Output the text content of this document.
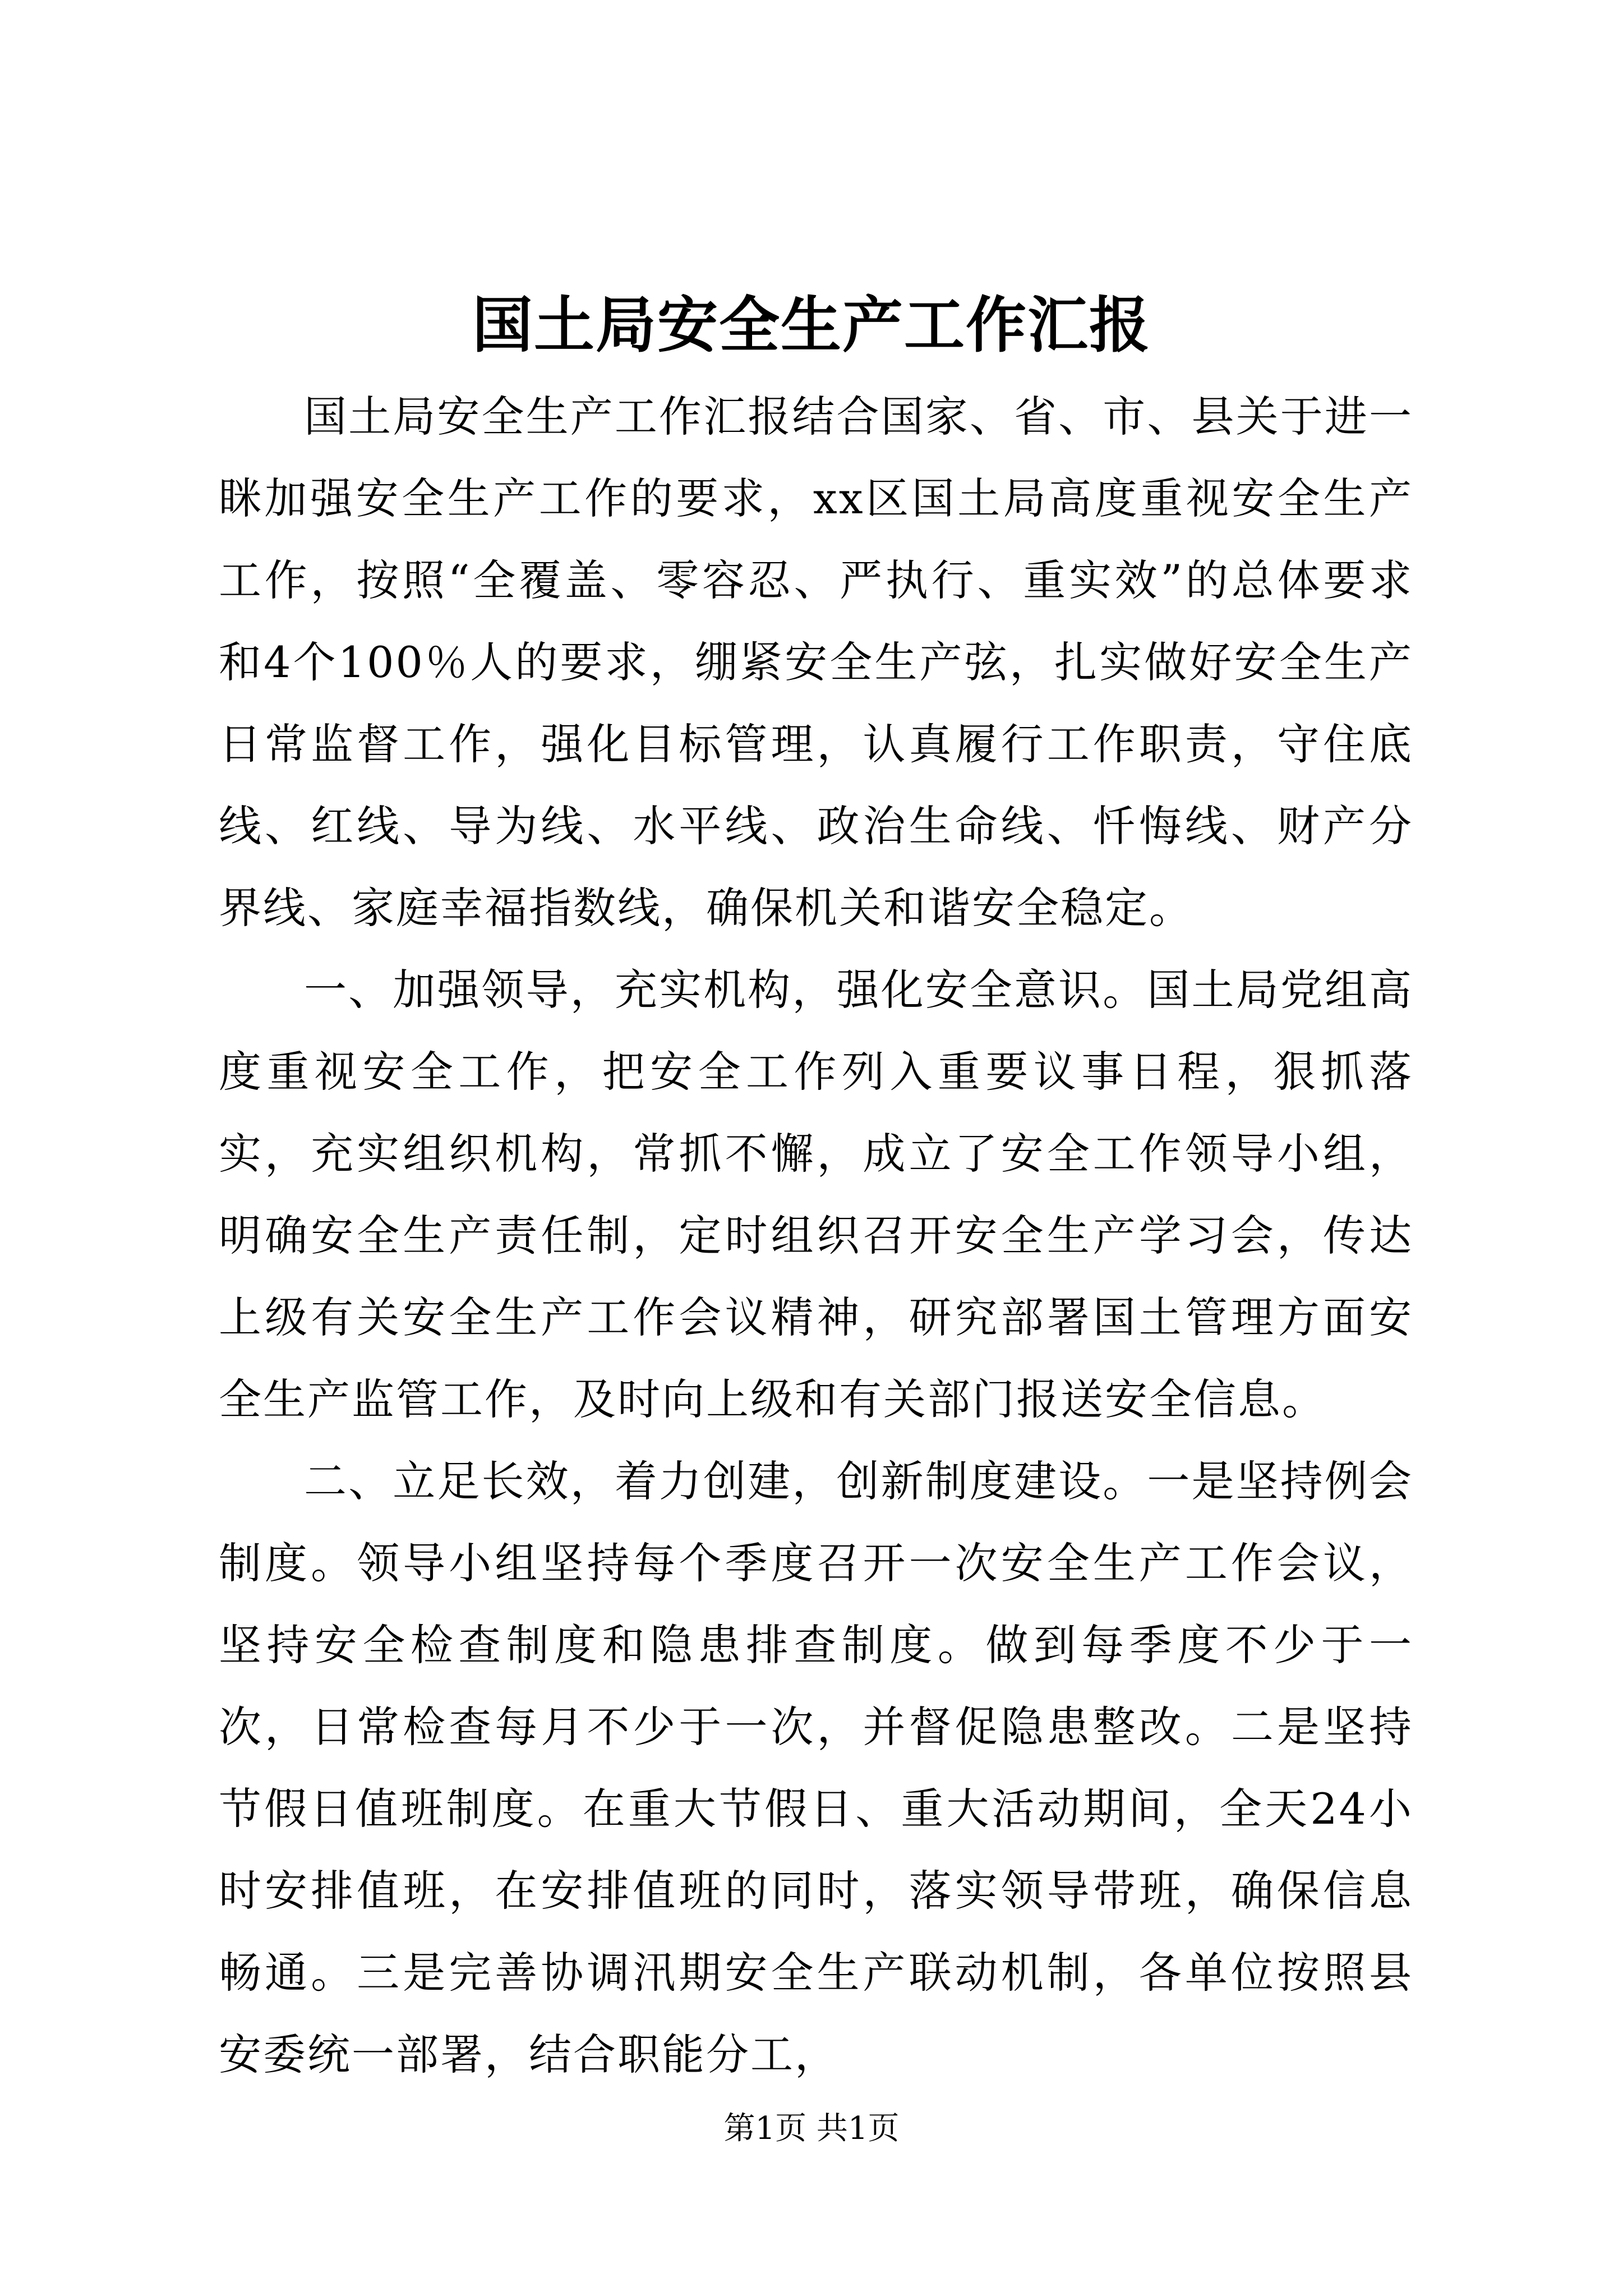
国土局安全生产工作汇报

国土局安全生产工作汇报结合国家、省、市、县关于进一眯加强安全生产工作的要求，xx区国土局高度重视安全生产工作，按照“全覆盖、零容忍、严执行、重实效”的总体要求和4个100％人的要求，绷紧安全生产弦，扎实做好安全生产日常监督工作，强化目标管理，认真履行工作职责，守住底线、红线、导为线、水平线、政治生命线、忏悔线、财产分界线、家庭幸福指数线，确保机关和谐安全稳定。

一、加强领导，充实机构，强化安全意识。国土局党组高度重视安全工作，把安全工作列入重要议事日程，狠抓落实，充实组织机构，常抓不懈，成立了安全工作领导小组，明确安全生产责任制，定时组织召开安全生产学习会，传达上级有关安全生产工作会议精神，研究部署国土管理方面安全生产监管工作，及时向上级和有关部门报送安全信息。

二、立足长效，着力创建，创新制度建设。一是坚持例会制度。领导小组坚持每个季度召开一次安全生产工作会议，坚持安全检查制度和隐患排查制度。做到每季度不少于一次，日常检查每月不少于一次，并督促隐患整改。二是坚持节假日值班制度。在重大节假日、重大活动期间，全天24小时安排值班，在安排值班的同时，落实领导带班，确保信息畅通。三是完善协调汛期安全生产联动机制，各单位按照县安委统一部署，结合职能分工，

第1页 共1页
